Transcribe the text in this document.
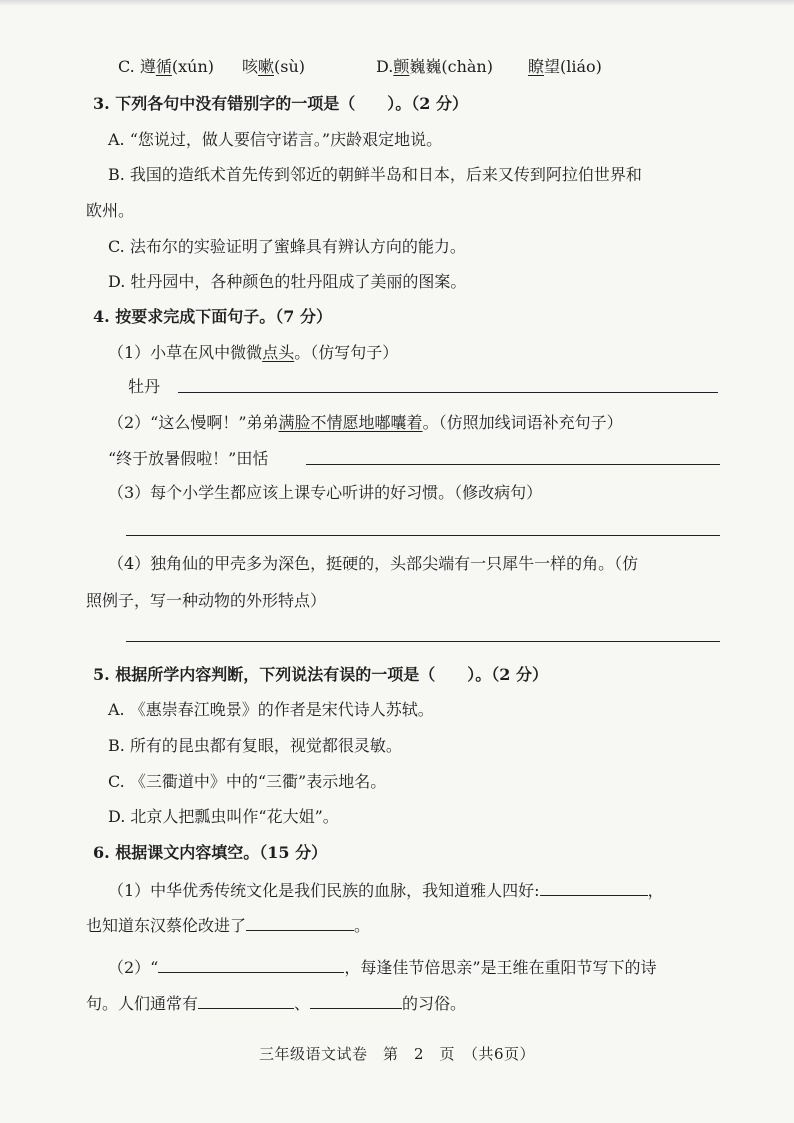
C. 遵循(xún) 咳嗽(sù)	D.颤巍巍(chàn) 瞭望(liáo)
3. 下列各句中没有错别字的一项是（　　）。（2 分）
A. “您说过，做人要信守诺言。”庆龄艰定地说。
B. 我国的造纸术首先传到邻近的朝鲜半岛和日本，后来又传到阿拉伯世界和
欧州。
C. 法布尔的实验证明了蜜蜂具有辨认方向的能力。
D. 牡丹园中，各种颜色的牡丹阻成了美丽的图案。
4. 按要求完成下面句子。（7 分）
（1）小草在风中微微点头。（仿写句子）
牡丹
（2）“这么慢啊！”弟弟满脸不情愿地嘟囔着。（仿照加线词语补充句子）
“终于放暑假啦！”田恬
（3）每个小学生都应该上课专心听讲的好习惯。（修改病句）
（4）独角仙的甲壳多为深色，挺硬的，头部尖端有一只犀牛一样的角。（仿
照例子，写一种动物的外形特点）
5. 根据所学内容判断，下列说法有误的一项是（　　）。（2 分）
A. 《惠崇春江晚景》的作者是宋代诗人苏轼。
B. 所有的昆虫都有复眼，视觉都很灵敏。
C. 《三衢道中》中的“三衢”表示地名。
D. 北京人把瓢虫叫作“花大姐”。
6. 根据课文内容填空。（15 分）
（1）中华优秀传统文化是我们民族的血脉，我知道雅人四好:	，
也知道东汉蔡伦改进了	。
（2）“	，每逢佳节倍思亲”是王维在重阳节写下的诗
句。人们通常有	、	的习俗。
三年级语文试卷　第　2　页　（共6页）
